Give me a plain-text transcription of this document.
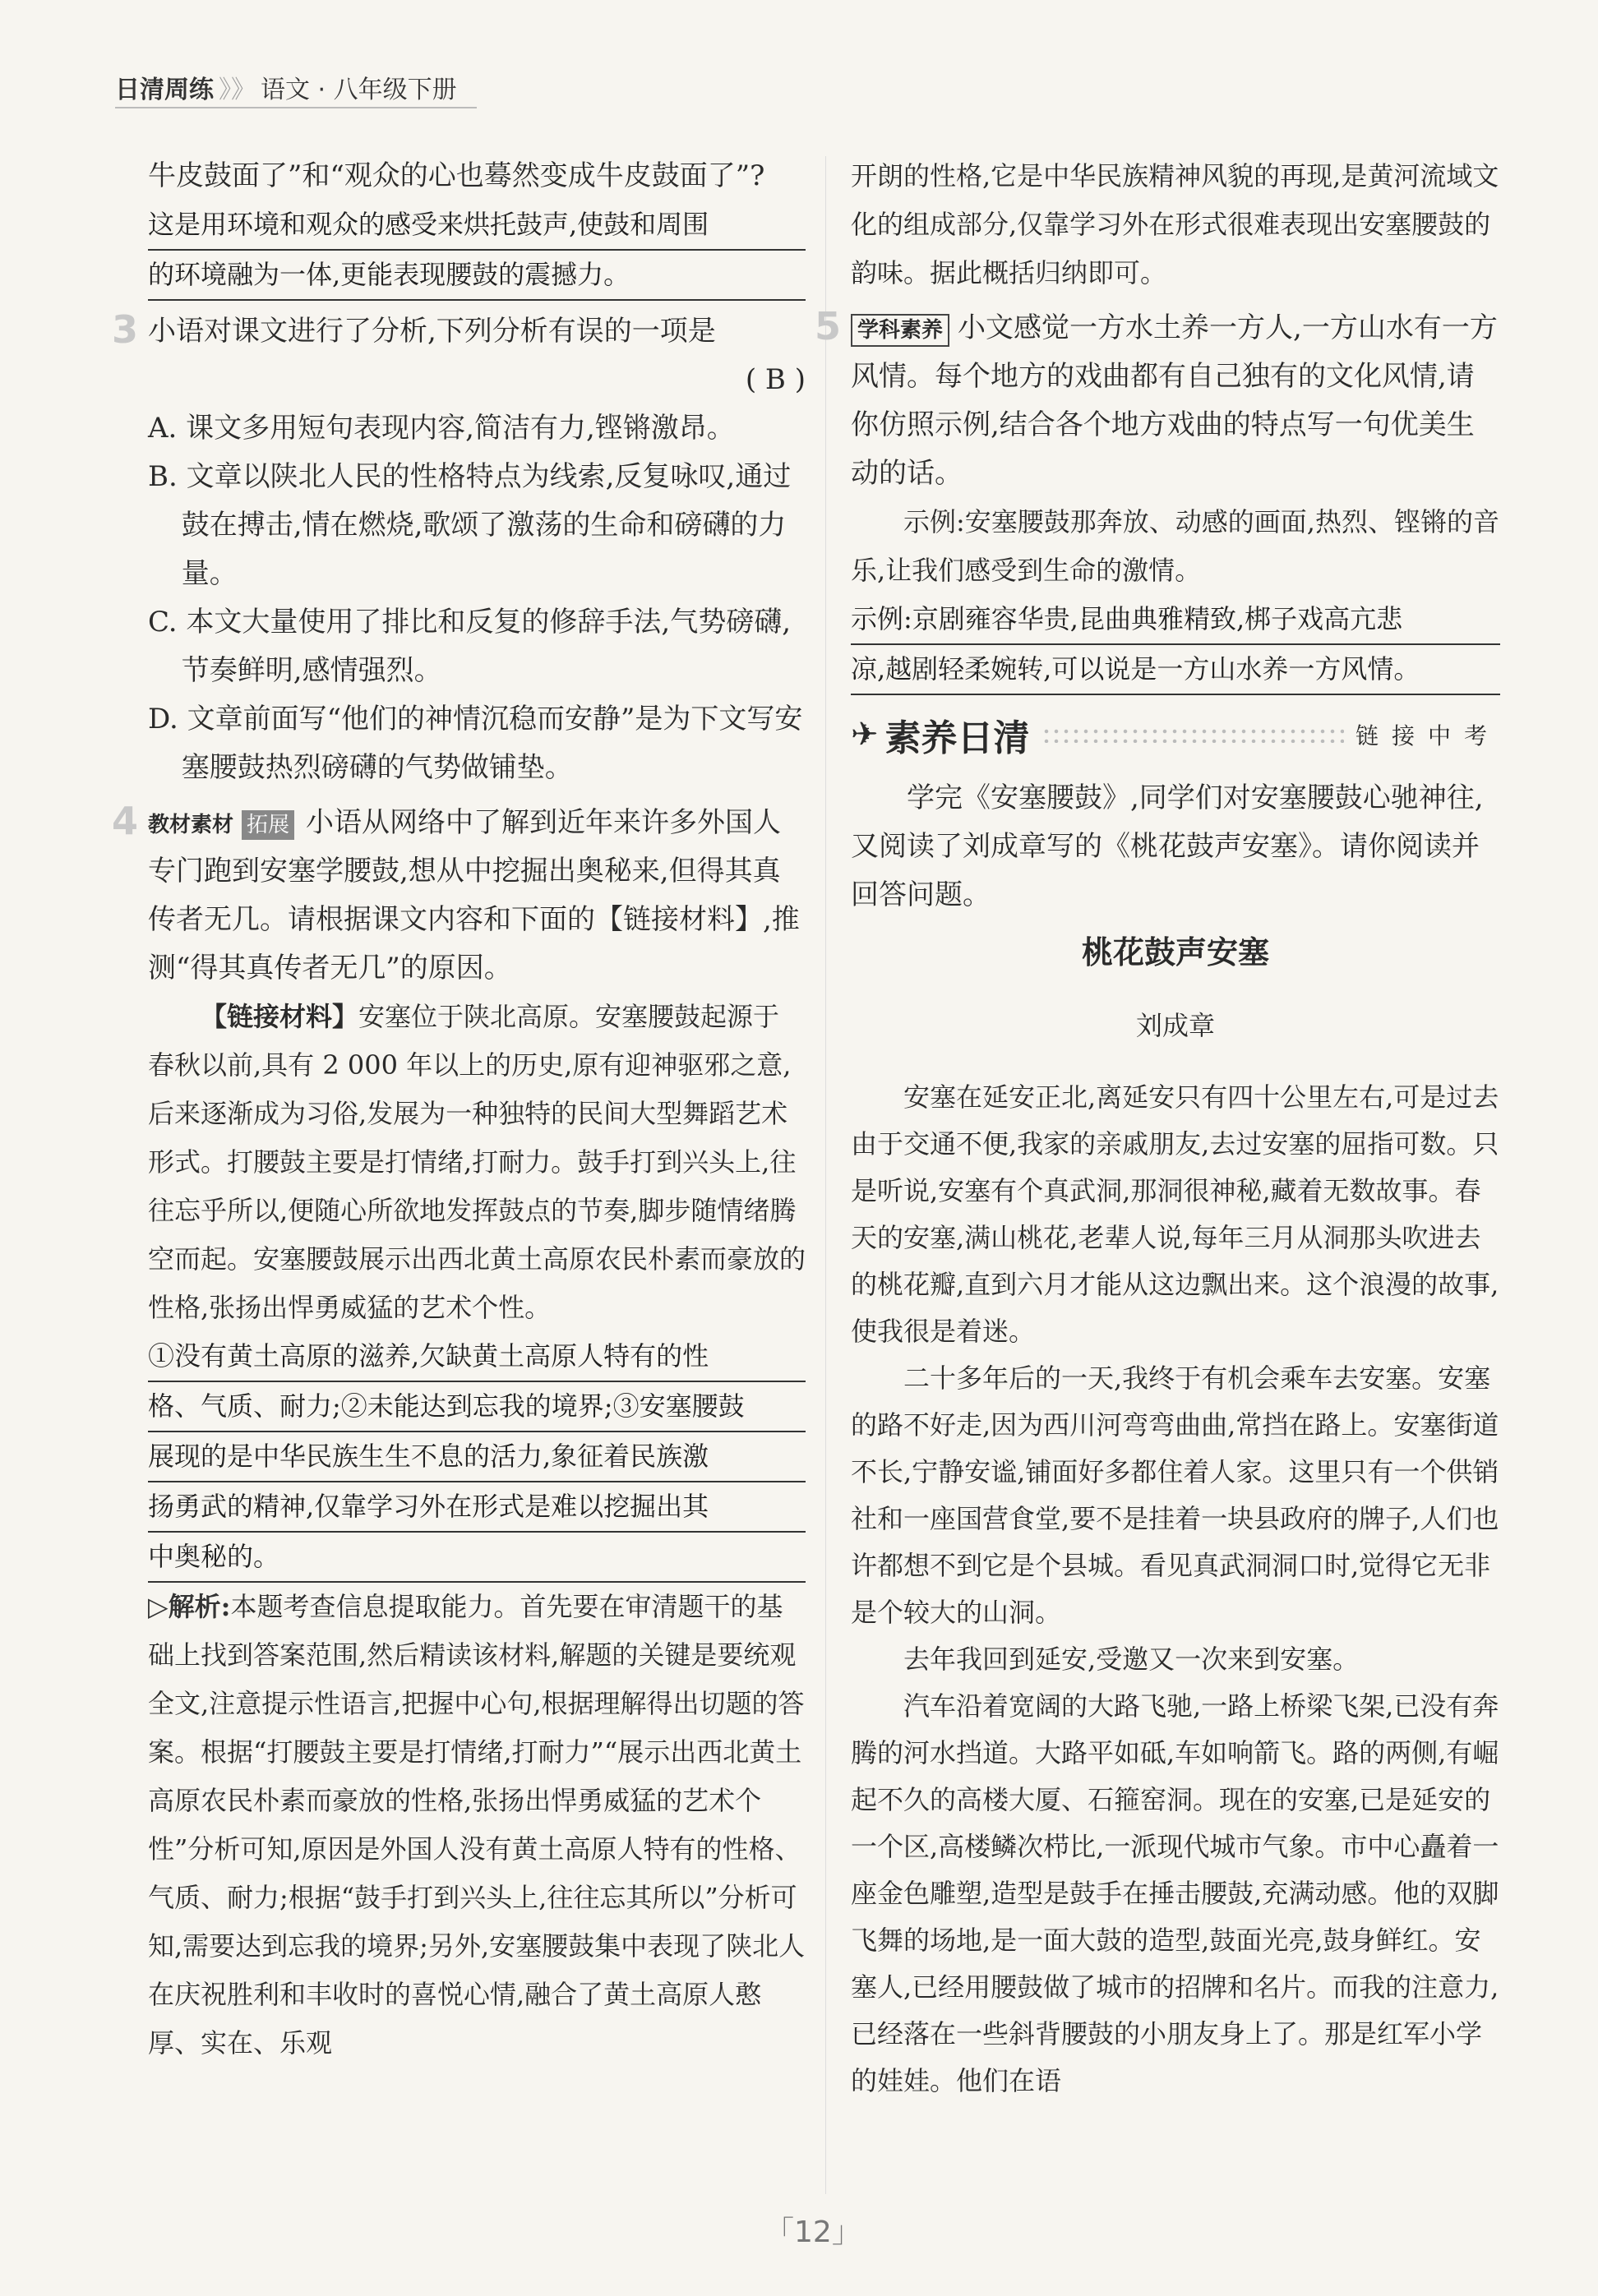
日清周练 》》 语文 · 八年级下册

牛皮鼓面了”和“观众的心也蓦然变成牛皮鼓面了”?

这是用环境和观众的感受来烘托鼓声,使鼓和周围
的环境融为一体,更能表现腰鼓的震撼力。
3 小语对课文进行了分析,下列分析有误的一项是

( B )

A. 课文多用短句表现内容,简洁有力,铿锵激昂。

B. 文章以陕北人民的性格特点为线索,反复咏叹,通过鼓在搏击,情在燃烧,歌颂了激荡的生命和磅礴的力量。

C. 本文大量使用了排比和反复的修辞手法,气势磅礴,节奏鲜明,感情强烈。

D. 文章前面写“他们的神情沉稳而安静”是为下文写安塞腰鼓热烈磅礴的气势做铺垫。

4 教材素材 拓展 小语从网络中了解到近年来许多外国人专门跑到安塞学腰鼓,想从中挖掘出奥秘来,但得其真传者无几。请根据课文内容和下面的【链接材料】,推测“得其真传者无几”的原因。

【链接材料】安塞位于陕北高原。安塞腰鼓起源于春秋以前,具有 2 000 年以上的历史,原有迎神驱邪之意,后来逐渐成为习俗,发展为一种独特的民间大型舞蹈艺术形式。打腰鼓主要是打情绪,打耐力。鼓手打到兴头上,往往忘乎所以,便随心所欲地发挥鼓点的节奏,脚步随情绪腾空而起。安塞腰鼓展示出西北黄土高原农民朴素而豪放的性格,张扬出悍勇威猛的艺术个性。

①没有黄土高原的滋养,欠缺黄土高原人特有的性
格、气质、耐力;②未能达到忘我的境界;③安塞腰鼓
展现的是中华民族生生不息的活力,象征着民族激
扬勇武的精神,仅靠学习外在形式是难以挖掘出其
中奥秘的。

▷解析:本题考查信息提取能力。首先要在审清题干的基础上找到答案范围,然后精读该材料,解题的关键是要统观全文,注意提示性语言,把握中心句,根据理解得出切题的答案。根据“打腰鼓主要是打情绪,打耐力”“展示出西北黄土高原农民朴素而豪放的性格,张扬出悍勇威猛的艺术个性”分析可知,原因是外国人没有黄土高原人特有的性格、气质、耐力;根据“鼓手打到兴头上,往往忘其所以”分析可知,需要达到忘我的境界;另外,安塞腰鼓集中表现了陕北人在庆祝胜利和丰收时的喜悦心情,融合了黄土高原人憨厚、实在、乐观

开朗的性格,它是中华民族精神风貌的再现,是黄河流域文化的组成部分,仅靠学习外在形式很难表现出安塞腰鼓的韵味。据此概括归纳即可。

5 学科素养 小文感觉一方水土养一方人,一方山水有一方风情。每个地方的戏曲都有自己独有的文化风情,请你仿照示例,结合各个地方戏曲的特点写一句优美生动的话。

示例:安塞腰鼓那奔放、动感的画面,热烈、铿锵的音乐,让我们感受到生命的激情。

示例:京剧雍容华贵,昆曲典雅精致,梆子戏高亢悲
凉,越剧轻柔婉转,可以说是一方山水养一方风情。
✈ 素养日清	链接中考

学完《安塞腰鼓》,同学们对安塞腰鼓心驰神往,又阅读了刘成章写的《桃花鼓声安塞》。请你阅读并回答问题。

桃花鼓声安塞

刘成章

安塞在延安正北,离延安只有四十公里左右,可是过去由于交通不便,我家的亲戚朋友,去过安塞的屈指可数。只是听说,安塞有个真武洞,那洞很神秘,藏着无数故事。春天的安塞,满山桃花,老辈人说,每年三月从洞那头吹进去的桃花瓣,直到六月才能从这边飘出来。这个浪漫的故事,使我很是着迷。

二十多年后的一天,我终于有机会乘车去安塞。安塞的路不好走,因为西川河弯弯曲曲,常挡在路上。安塞街道不长,宁静安谧,铺面好多都住着人家。这里只有一个供销社和一座国营食堂,要不是挂着一块县政府的牌子,人们也许都想不到它是个县城。看见真武洞洞口时,觉得它无非是个较大的山洞。

去年我回到延安,受邀又一次来到安塞。

汽车沿着宽阔的大路飞驰,一路上桥梁飞架,已没有奔腾的河水挡道。大路平如砥,车如响箭飞。路的两侧,有崛起不久的高楼大厦、石箍窑洞。现在的安塞,已是延安的一个区,高楼鳞次栉比,一派现代城市气象。市中心矗着一座金色雕塑,造型是鼓手在捶击腰鼓,充满动感。他的双脚飞舞的场地,是一面大鼓的造型,鼓面光亮,鼓身鲜红。安塞人,已经用腰鼓做了城市的招牌和名片。而我的注意力,已经落在一些斜背腰鼓的小朋友身上了。那是红军小学的娃娃。他们在语

「12」
